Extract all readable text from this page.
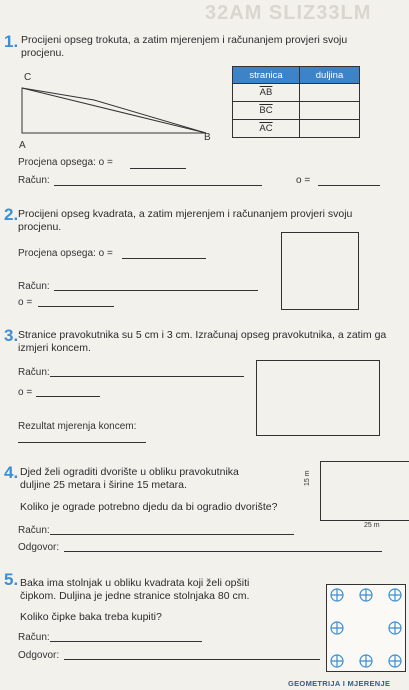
32AM SLIZ33LM
1. Procijeni opseg trokuta, a zatim mjerenjem i računanjem provjeri svoju procjenu.
C
A
B
stranica	duljina
$\overline{AB}$	
$\overline{BC}$	
$\overline{AC}$	
Procjena opsega: o =
Račun:	o =
2. Procijeni opseg kvadrata, a zatim mjerenjem i računanjem provjeri svoju procjenu.
Procjena opsega: o =
Račun:
o =
3. Stranice pravokutnika su 5 cm i 3 cm. Izračunaj opseg pravokutnika, a zatim ga izmjeri koncem.
Račun:
o =
Rezultat mjerenja koncem:
4. Djed želi ograditi dvorište u obliku pravokutnika duljine 25 metara i širine 15 metara.
Koliko je ograde potrebno djedu da bi ogradio dvorište?
15 m
25 m
Račun:
Odgovor:
5. Baka ima stolnjak u obliku kvadrata koji želi opšiti čipkom. Duljina je jedne stranice stolnjaka 80 cm.
Koliko čipke baka treba kupiti?
Račun:
Odgovor:
GEOMETRIJA I MJERENJE
